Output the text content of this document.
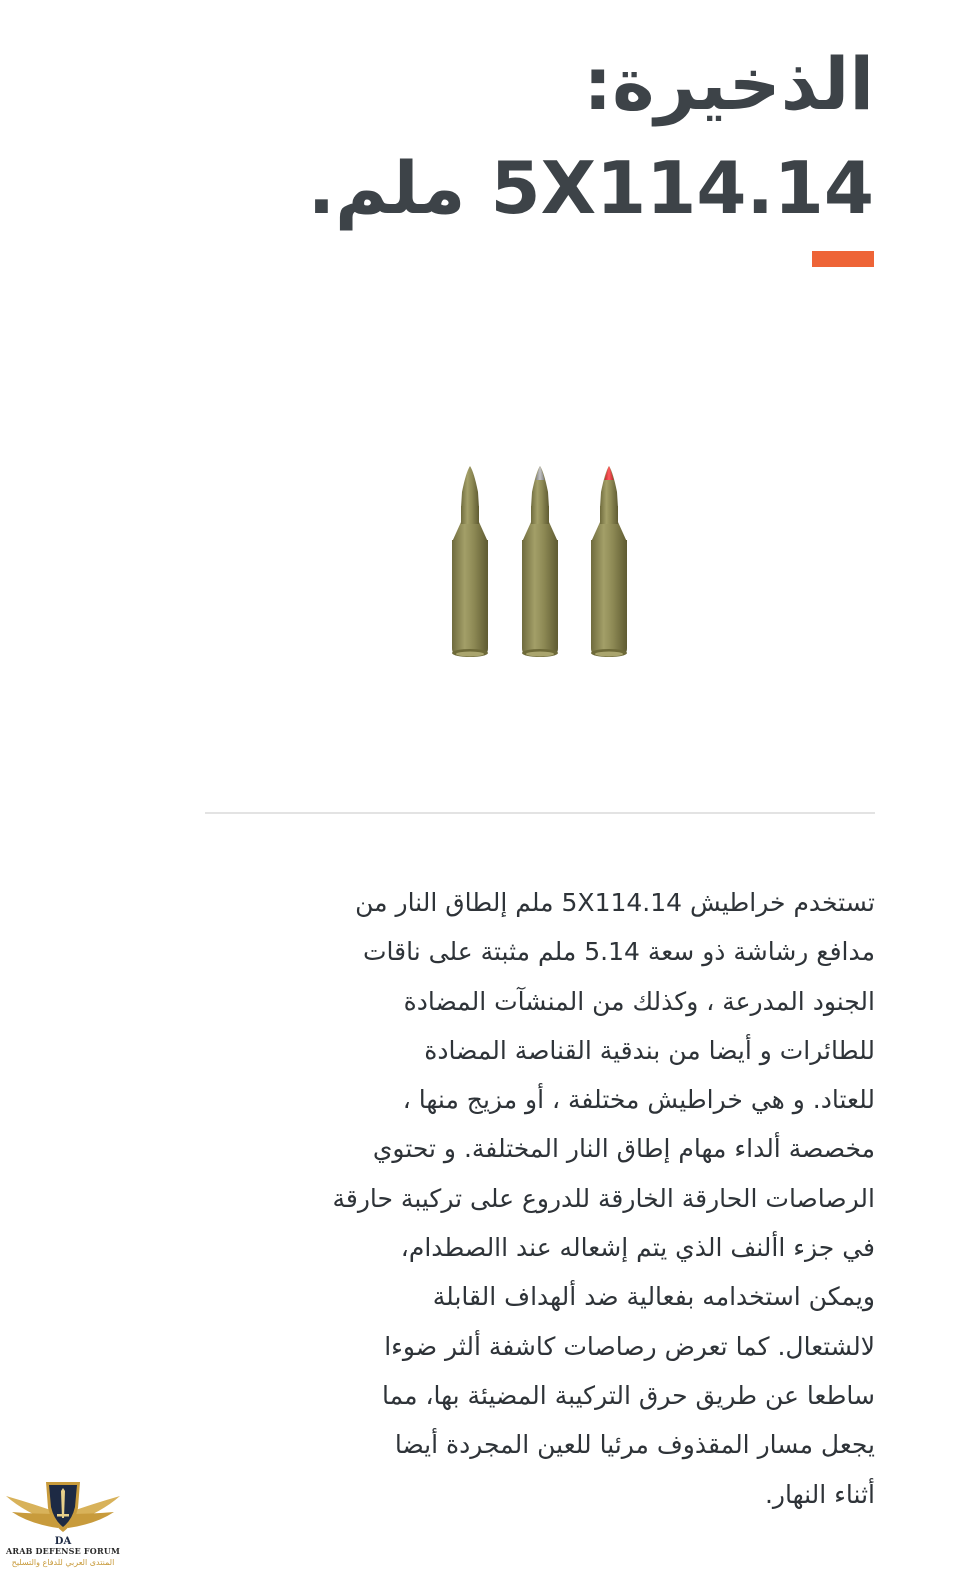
الذخيرة:
5X114.14 ملم.
تستخدم خراطيش 5X114.14 ملم إلطاق النار من
مدافع رشاشة ذو سعة 5.14 ملم مثبتة على ناقات
الجنود المدرعة ، وكذلك من المنشآت المضادة
للطائرات و أيضا من بندقية القناصة المضادة
للعتاد. و هي خراطيش مختلفة ، أو مزيج منها ،
مخصصة ألداء مهام إطاق النار المختلفة. و تحتوي
الرصاصات الحارقة الخارقة للدروع على تركيبة حارقة
في جزء األنف الذي يتم إشعاله عند االصطدام،
ويمكن استخدامه بفعالية ضد ألهداف القابلة
لالشتعال. كما تعرض رصاصات كاشفة ألثر ضوءا
ساطعا عن طريق حرق التركيبة المضيئة بها، مما
يجعل مسار المقذوف مرئيا للعين المجردة أيضا
أثناء النهار.
DA
ARAB DEFENSE FORUM
المنتدى العربي للدفاع والتسليح
